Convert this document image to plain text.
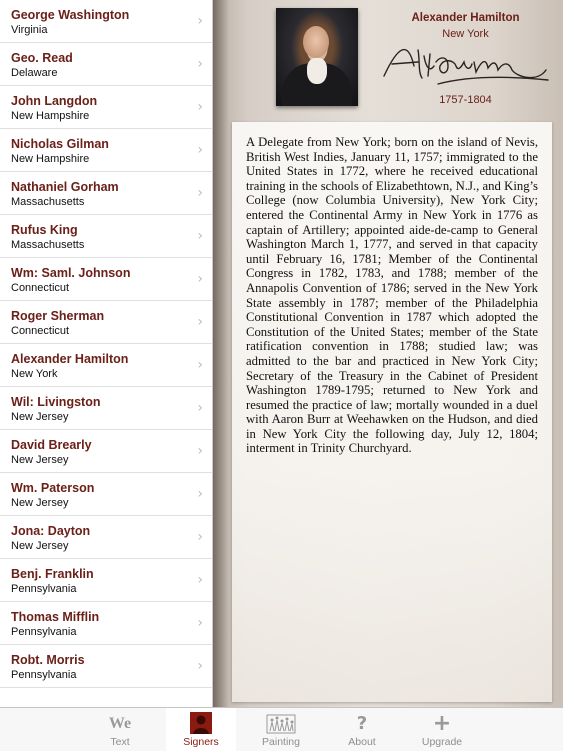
George Washington
Virginia
›
Geo. Read
Delaware
›
John Langdon
New Hampshire
›
Nicholas Gilman
New Hampshire
›
Nathaniel Gorham
Massachusetts
›
Rufus King
Massachusetts
›
Wm: Saml. Johnson
Connecticut
›
Roger Sherman
Connecticut
›
Alexander Hamilton
New York
›
Wil: Livingston
New Jersey
›
David Brearly
New Jersey
›
Wm. Paterson
New Jersey
›
Jona: Dayton
New Jersey
›
Benj. Franklin
Pennsylvania
›
Thomas Mifflin
Pennsylvania
›
Robt. Morris
Pennsylvania
›
Alexander Hamilton
New York
1757-1804

A Delegate from New York; born on the island of Nevis, British West Indies, January 11, 1757; immigrated to the United States in 1772, where he received educational training in the schools of Elizabethtown, N.J., and King’s College (now Columbia University), New York City; entered the Continental Army in New York in 1776 as captain of Artillery; appointed aide-de-camp to General Washington March 1, 1777, and served in that capacity until February 16, 1781; Member of the Continental Congress in 1782, 1783, and 1788; member of the Annapolis Convention of 1786; served in the New York State assembly in 1787; member of the Philadelphia Constitutional Convention in 1787 which adopted the Constitution of the United States; member of the State ratification convention in 1788; studied law; was admitted to the bar and practiced in New York City; Secretary of the Treasury in the Cabinet of President Washington 1789-1795; returned to New York and resumed the practice of law; mortally wounded in a duel with Aaron Burr at Weehawken on the Hudson, and died in New York City the following day, July 12, 1804; interment in Trinity Churchyard.

We
Text	Signers	Painting
?
About
+
Upgrade
